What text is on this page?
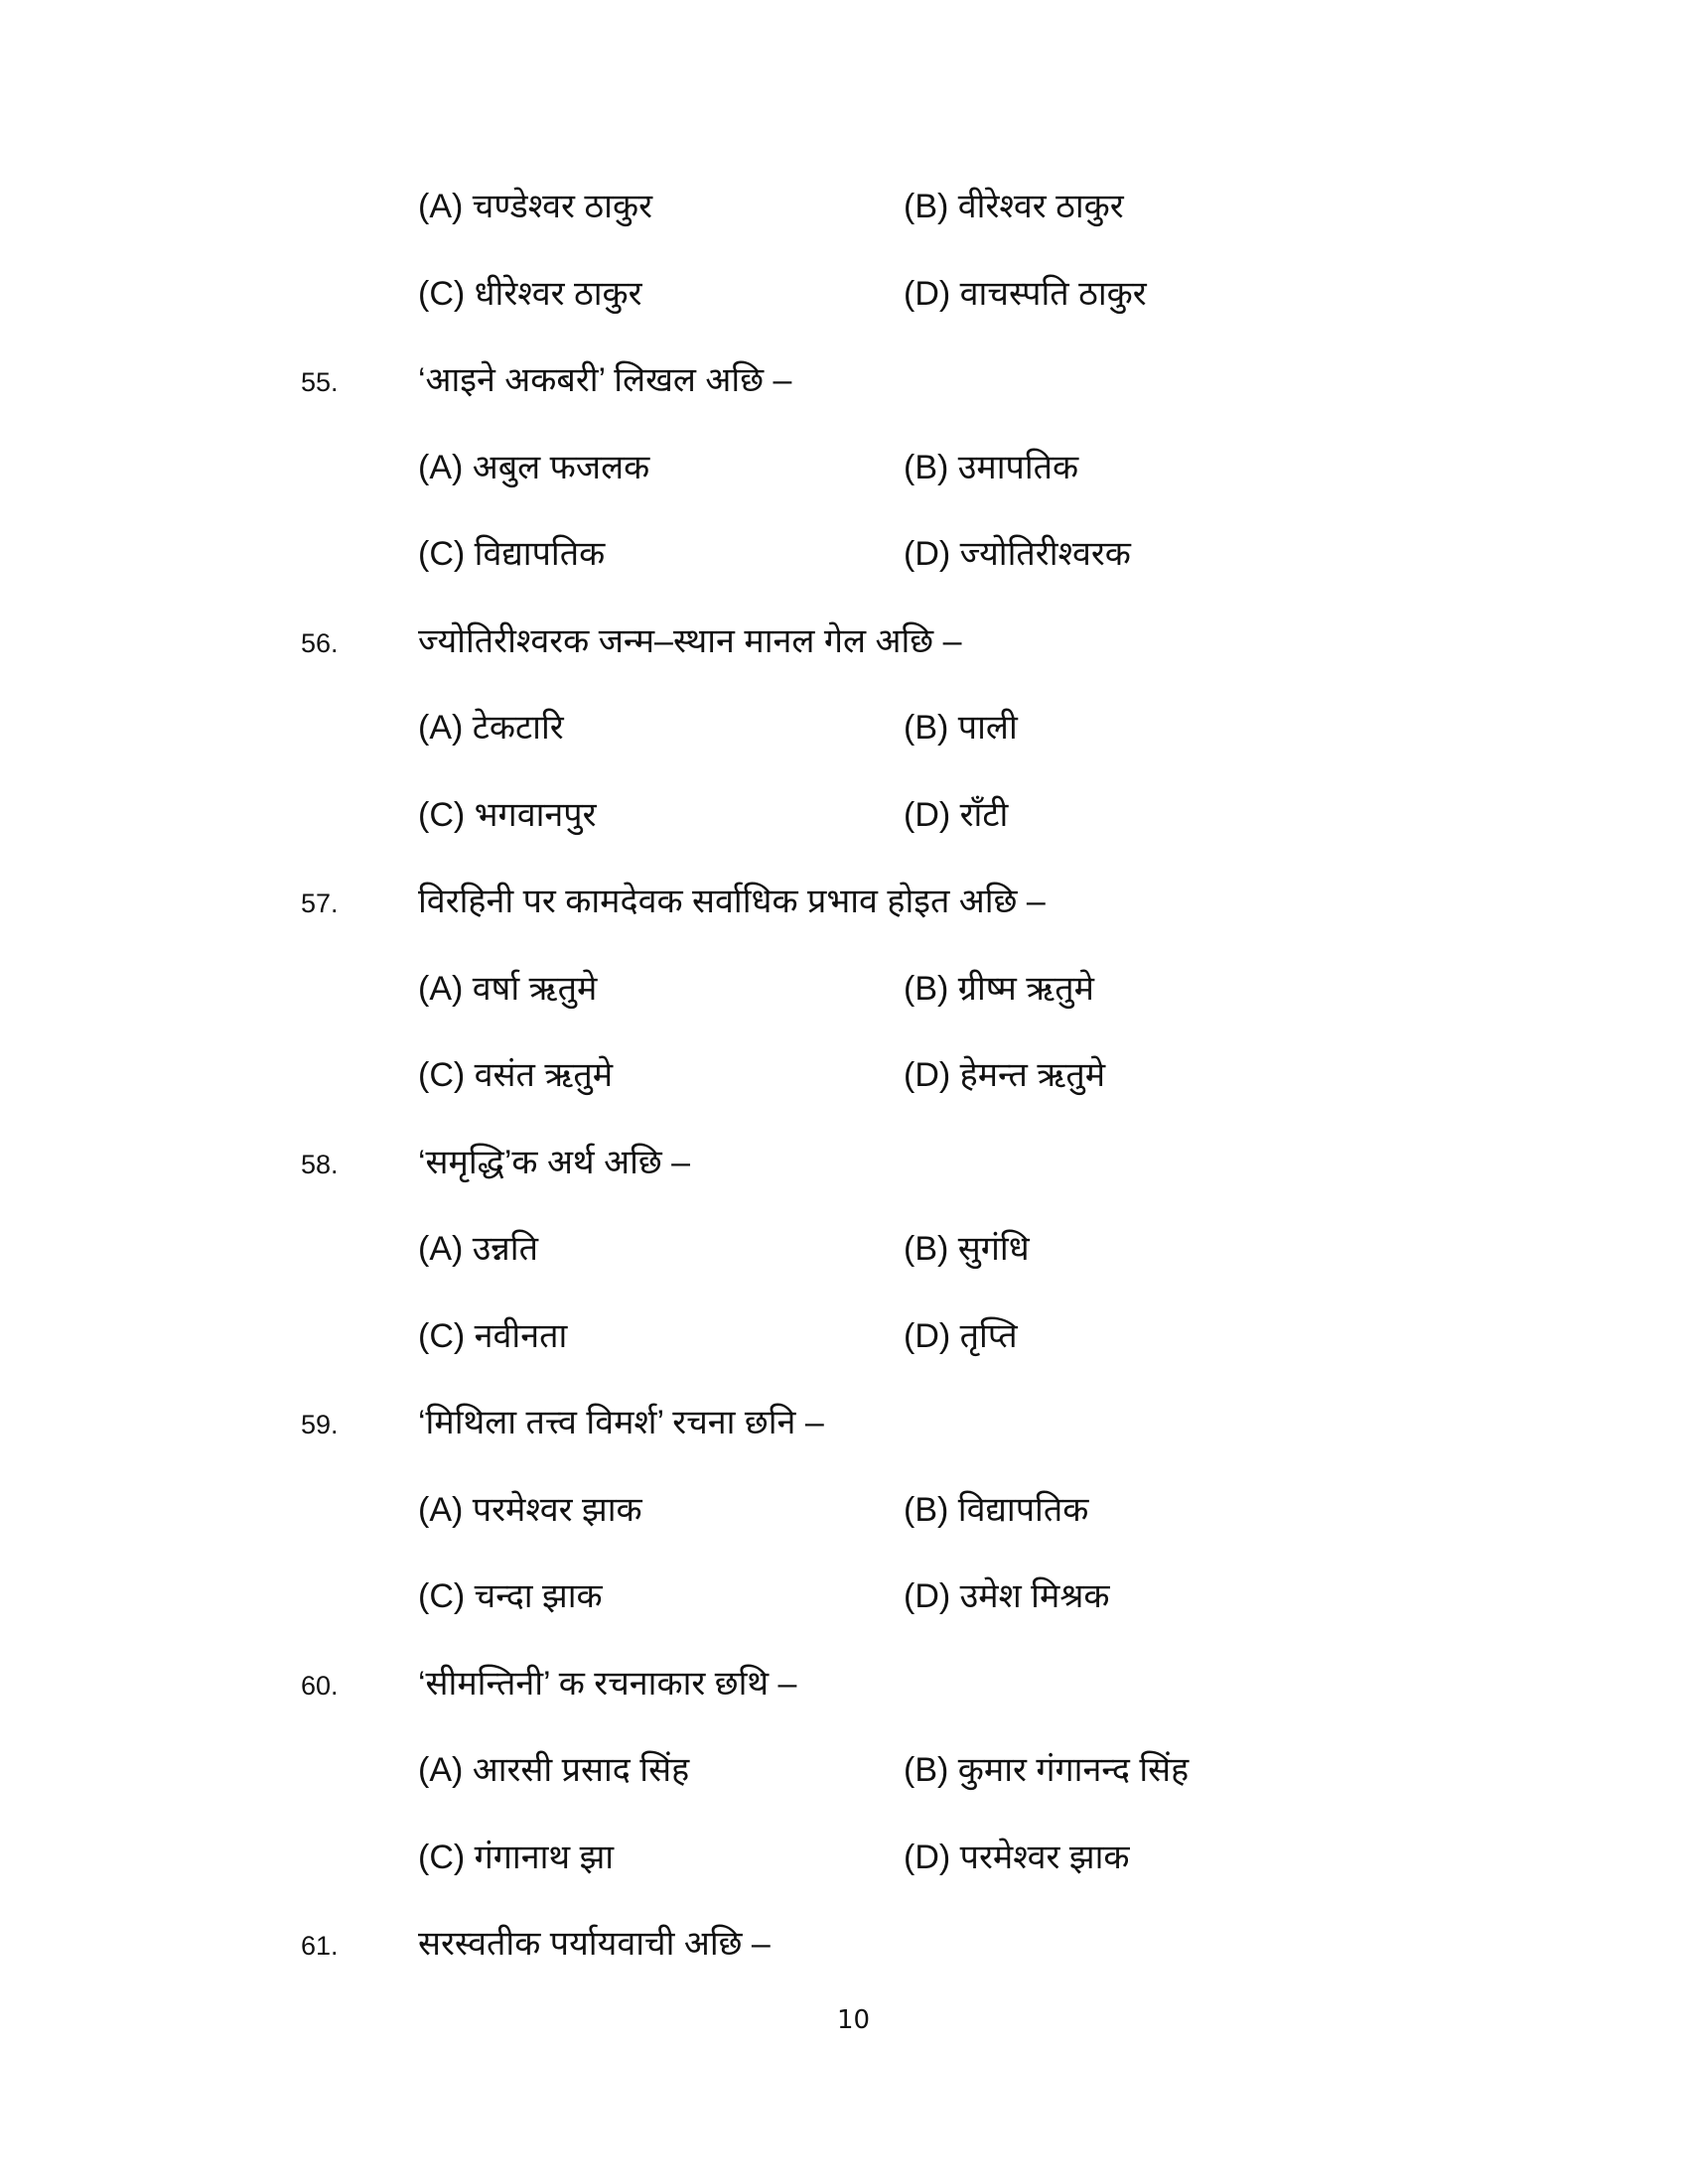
(A) चण्डेश्वर ठाकुर	(B) वीरेश्वर ठाकुर
(C) धीरेश्वर ठाकुर	(D) वाचस्पति ठाकुर
55. ‘आइने अकबरी’ लिखल अछि –
(A) अबुल फजलक	(B) उमापतिक
(C) विद्यापतिक	(D) ज्योतिरीश्वरक
56. ज्योतिरीश्वरक जन्म–स्थान मानल गेल अछि –
(A) टेकटारि	(B) पाली
(C) भगवानपुर	(D) राँटी
57. विरहिनी पर कामदेवक सर्वाधिक प्रभाव होइत अछि –
(A) वर्षा ऋतुमे	(B) ग्रीष्म ऋतुमे
(C) वसंत ऋतुमे	(D) हेमन्त ऋतुमे
58. ‘समृद्धि’क अर्थ अछि –
(A) उन्नति	(B) सुगंधि
(C) नवीनता	(D) तृप्ति
59. ‘मिथिला तत्त्व विमर्श’ रचना छनि –
(A) परमेश्वर झाक	(B) विद्यापतिक
(C) चन्दा झाक	(D) उमेश मिश्रक
60. ‘सीमन्तिनी’ क रचनाकार छथि –
(A) आरसी प्रसाद सिंह	(B) कुमार गंगानन्द सिंह
(C) गंगानाथ झा	(D) परमेश्वर झाक
61. सरस्वतीक पर्यायवाची अछि –
10
